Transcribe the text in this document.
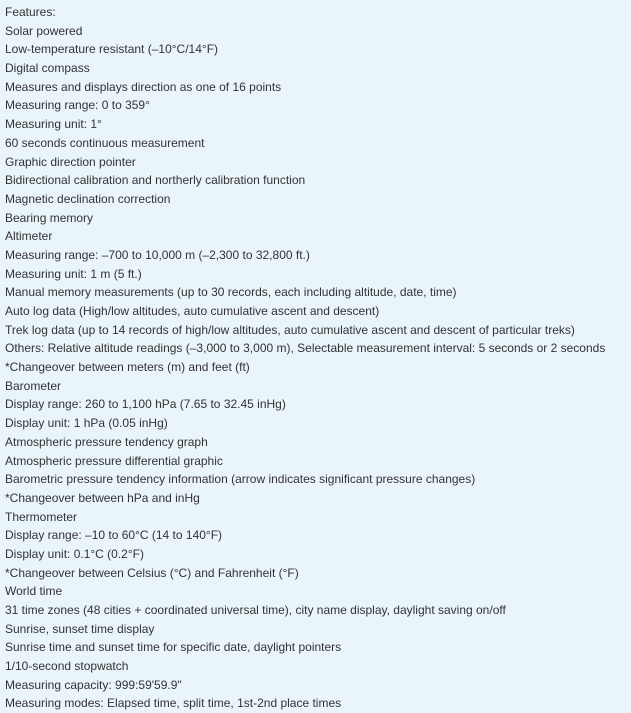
Features:
Solar powered
Low-temperature resistant (–10°C/14°F)
Digital compass
Measures and displays direction as one of 16 points
Measuring range: 0 to 359°
Measuring unit: 1°
60 seconds continuous measurement
Graphic direction pointer
Bidirectional calibration and northerly calibration function
Magnetic declination correction
Bearing memory
Altimeter
Measuring range: –700 to 10,000 m (–2,300 to 32,800 ft.)
Measuring unit: 1 m (5 ft.)
Manual memory measurements (up to 30 records, each including altitude, date, time)
Auto log data (High/low altitudes, auto cumulative ascent and descent)
Trek log data (up to 14 records of high/low altitudes, auto cumulative ascent and descent of particular treks)
Others: Relative altitude readings (–3,000 to 3,000 m), Selectable measurement interval: 5 seconds or 2 seconds
*Changeover between meters (m) and feet (ft)
Barometer
Display range: 260 to 1,100 hPa (7.65 to 32.45 inHg)
Display unit: 1 hPa (0.05 inHg)
Atmospheric pressure tendency graph
Atmospheric pressure differential graphic
Barometric pressure tendency information (arrow indicates significant pressure changes)
*Changeover between hPa and inHg
Thermometer
Display range: –10 to 60°C (14 to 140°F)
Display unit: 0.1°C (0.2°F)
*Changeover between Celsius (°C) and Fahrenheit (°F)
World time
31 time zones (48 cities + coordinated universal time), city name display, daylight saving on/off
Sunrise, sunset time display
Sunrise time and sunset time for specific date, daylight pointers
1/10-second stopwatch
Measuring capacity: 999:59'59.9"
Measuring modes: Elapsed time, split time, 1st-2nd place times
